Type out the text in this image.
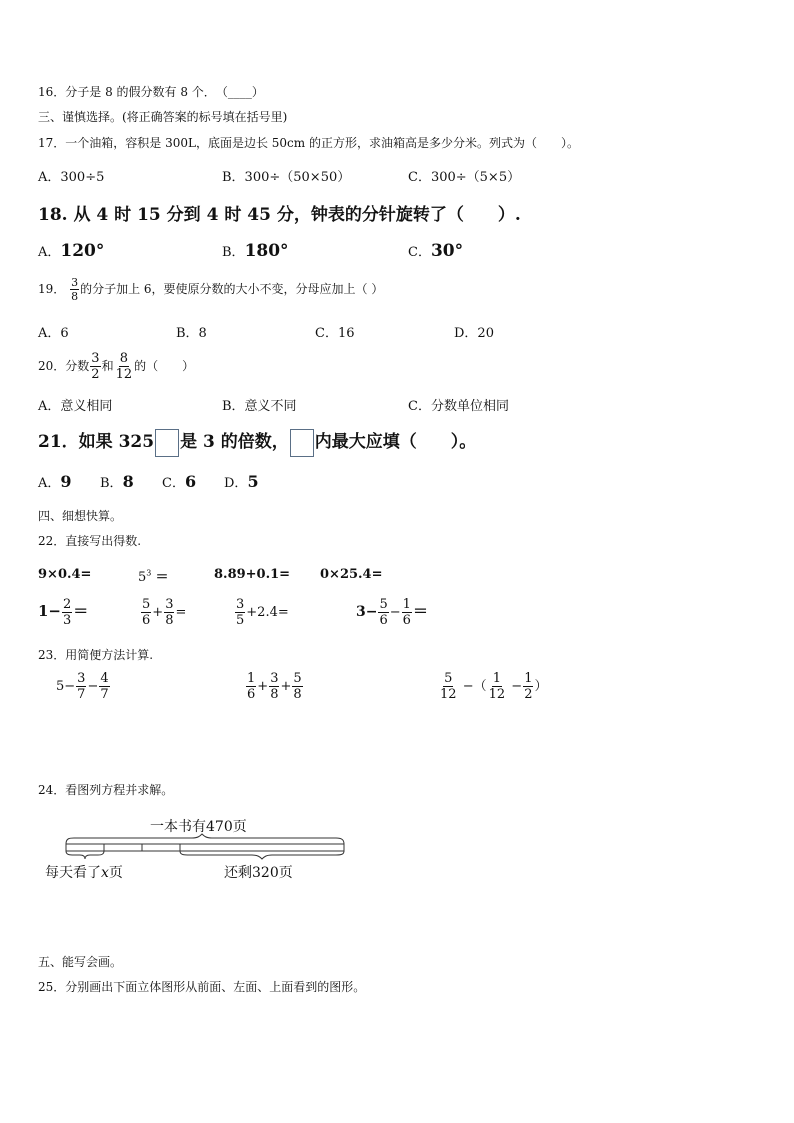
16．分子是 8 的假分数有 8 个．　 （____）
三、谨慎选择。(将正确答案的标号填在括号里)
17．一个油箱，容积是 300L，底面是边长 50cm 的正方形，求油箱高是多少分米。列式为（　　）。
A．300÷5	B．300÷（50×50）	C．300÷（5×5）
18. 从 4 时 15 分到 4 时 45 分，钟表的分针旋转了（　　）.
A．120°	B．180°	C．30°
19． $\frac{3}{8}$ 的分子加上 6，要使原分数的大小不变，分母应加上（ ）
A．6	B．8	C．16	D．20
20．分数 $\frac{3}{2}$ 和 $\frac{8}{12}$ 的（　　）
A．意义相同	B．意义不同	C．分数单位相同
21．如果 325 是 3 的倍数， 内最大应填（　　）。
A．9 B．8 C．6 D．5
四、细想快算。
22．直接写出得数.
9×0.4=	$5^3$ ＝	8.89+0.1= 0×25.4=
$1- \frac{2}{3}$ ＝	$\frac{5}{6} + \frac{3}{8}$ =	$\frac{3}{5} +2.4=$	$3- \frac{5}{6} - \frac{1}{6}$ ＝
23．用简便方法计算.
$5- \frac{3}{7} - \frac{4}{7}$	$\frac{1}{6} + \frac{3}{8} + \frac{5}{8}$	$\frac{5}{12}$ −（ $\frac{1}{12} - \frac{1}{2}$ ）
24．看图列方程并求解。
一本书有470页
每天看了x页	还剩320页
五、能写会画。
25．分别画出下面立体图形从前面、左面、上面看到的图形。
